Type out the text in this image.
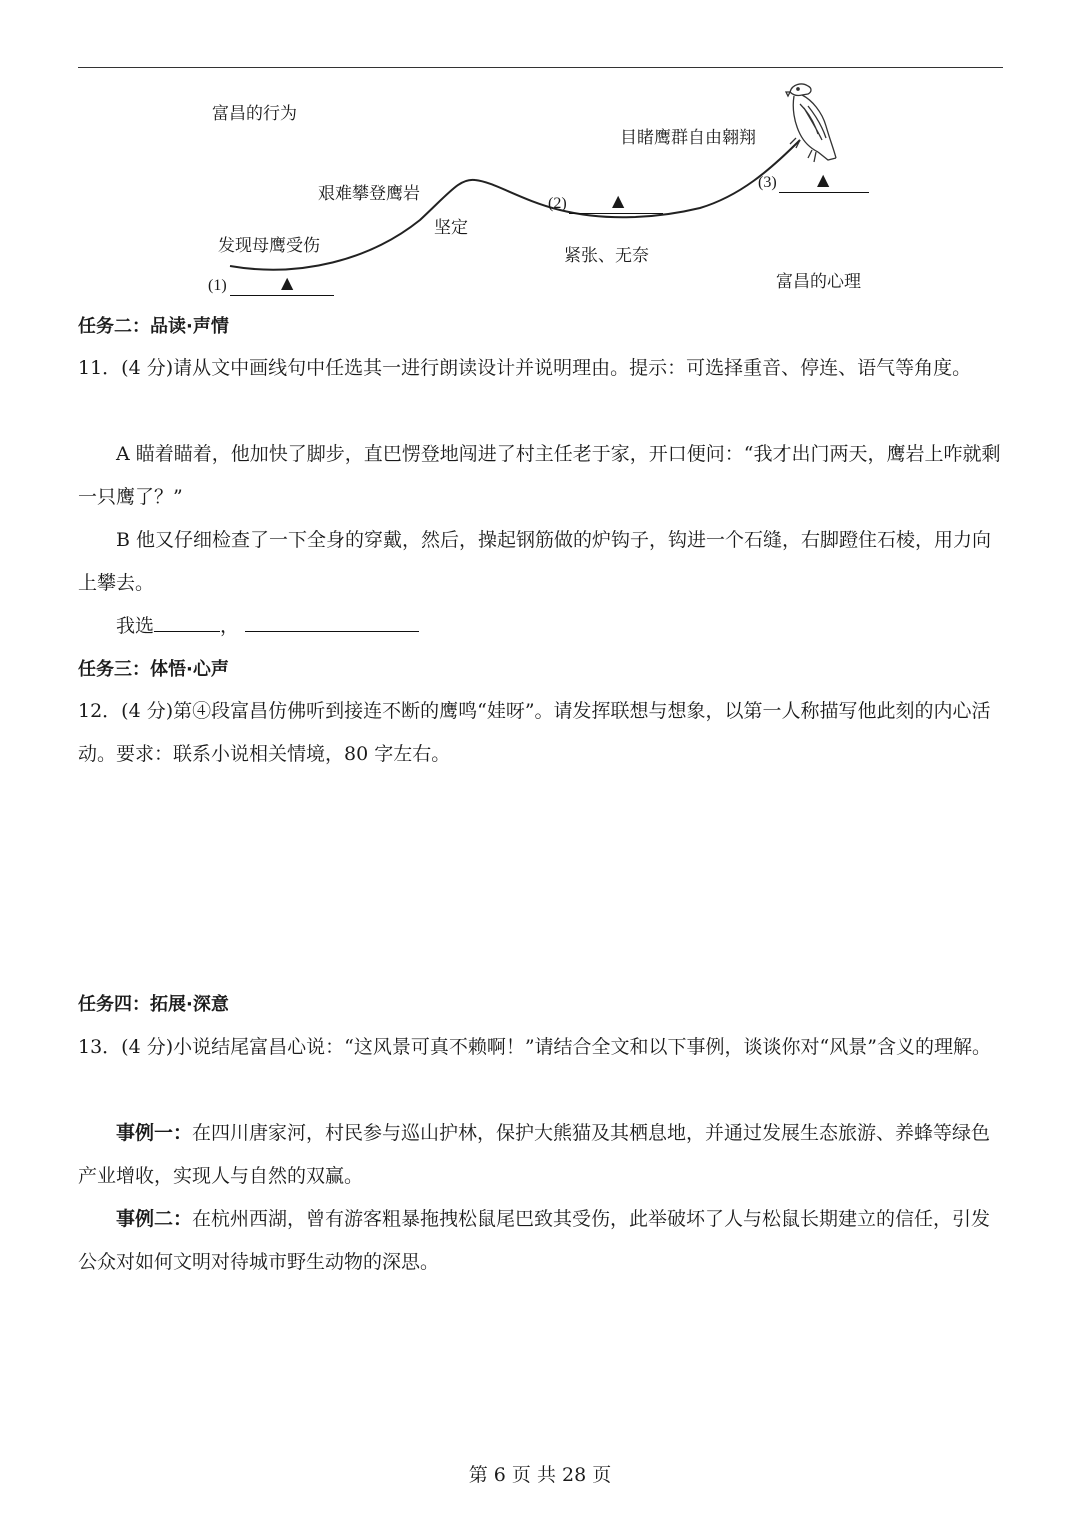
富昌的行为
目睹鹰群自由翱翔
艰难攀登鹰岩
发现母鹰受伤
坚定
紧张、无奈
富昌的心理
(3)	▲
(2)	▲
(1)	▲

任务二：品读·声情

11．(4 分)请从文中画线句中任选其一进行朗读设计并说明理由。提示：可选择重音、停连、语气等角度。

A 瞄着瞄着，他加快了脚步，直巴愣登地闯进了村主任老于家，开口便问：“我才出门两天，鹰岩上咋就剩一只鹰了？”

B 他又仔细检查了一下全身的穿戴，然后，操起钢筋做的炉钩子，钩进一个石缝，右脚蹬住石棱，用力向上攀去。

我选	，

任务三：体悟·心声

12．(4 分)第④段富昌仿佛听到接连不断的鹰鸣“娃呀”。请发挥联想与想象，以第一人称描写他此刻的内心活动。要求：联系小说相关情境，80 字左右。

任务四：拓展·深意

13．(4 分)小说结尾富昌心说：“这风景可真不赖啊！”请结合全文和以下事例，谈谈你对“风景”含义的理解。

事例一：在四川唐家河，村民参与巡山护林，保护大熊猫及其栖息地，并通过发展生态旅游、养蜂等绿色产业增收，实现人与自然的双赢。

事例二：在杭州西湖，曾有游客粗暴拖拽松鼠尾巴致其受伤，此举破坏了人与松鼠长期建立的信任，引发公众对如何文明对待城市野生动物的深思。

第 6 页 共 28 页
